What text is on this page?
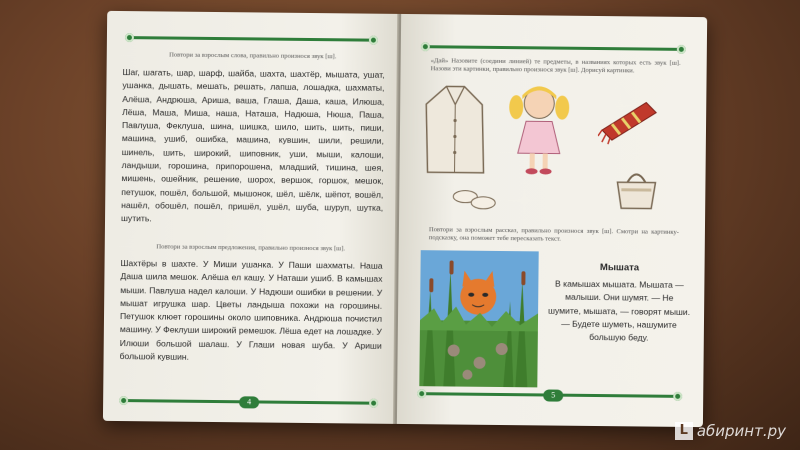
Повтори за взрослым слова, правильно произнося звук [ш].
Шаг, шагать, шар, шарф, шайба, шахта, шахтёр, мышата, ушат, ушанка, дышать, мешать, решать, лапша, лошадка, шахматы, Алёша, Андрюша, Ариша, ваша, Глаша, Даша, каша, Илюша, Лёша, Маша, Миша, наша, Наташа, Надюша, Нюша, Паша, Павлуша, Феклуша, шина, шишка, шило, шить, шить, пиши, машина, ушиб, ошибка, машина, кувшин, шили, решили, шинель, шить, широкий, шиповник, уши, мыши, калоши, ландыши, горошина, припорошена, младший, тишина, шея, мишень, ошейник, решение, шорох, вершок, горшок, мешок, петушок, пошёл, большой, мышонок, шёл, шёлк, шёпот, вошёл, нашёл, обошёл, пошёл, пришёл, ушёл, шуба, шуруп, шутка, шутить.
Повтори за взрослым предложения, правильно произнося звук [ш].
Шахтёры в шахте. У Миши ушанка. У Паши шахматы. Наша Даша шила мешок. Алёша ел кашу. У Наташи ушиб. В камышах мыши. Павлуша надел калоши. У Надюши ошибки в решении. У мышат игрушка шар. Цветы ландыша похожи на горошины. Петушок клюет горошины около шиповника. Андрюша почистил машину. У Феклуши широкий ремешок. Лёша едет на лошадке. У Илюши большой шалаш. У Глаши новая шуба. У Ариши большой кувшин.
4
«Дай» Назовите (соедини линией) те предметы, в названиях которых есть звук [ш]. Назови эти картинки, правильно произнося звук [ш]. Дорисуй картинки.
Повтори за взрослым рассказ, правильно произнося звук [ш]. Смотри на картинку-подсказку, она поможет тебе пересказать текст.
Мышата
В камышах мышата. Мышата — малыши. Они шумят. — Не шумите, мышата, — говорят мыши. — Будете шуметь, нашумите большую беду.
5
L абиринт.ру
